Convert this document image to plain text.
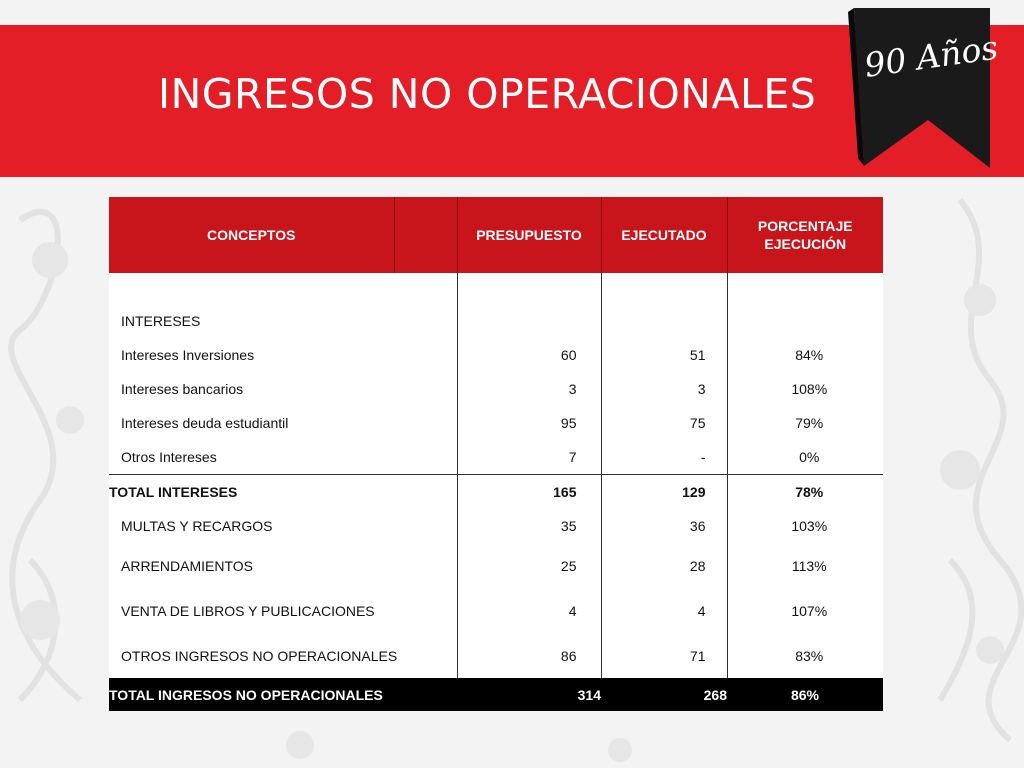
INGRESOS NO OPERACIONALES
90 Años
CONCEPTOS		PRESUPUESTO	EJECUTADO	PORCENTAJE
EJECUCIÓN

INTERESES				
Intereses Inversiones		60	51	84%
Intereses bancarios		3	3	108%
Intereses deuda estudiantil		95	75	79%
Otros Intereses		7	-	0%
TOTAL INTERESES		165	129	78%
MULTAS Y RECARGOS		35	36	103%
ARRENDAMIENTOS		25	28	113%
VENTA DE LIBROS Y PUBLICACIONES		4	4	107%
OTROS INGRESOS NO OPERACIONALES		86	71	83%
TOTAL INGRESOS NO OPERACIONALES		314	268	86%
